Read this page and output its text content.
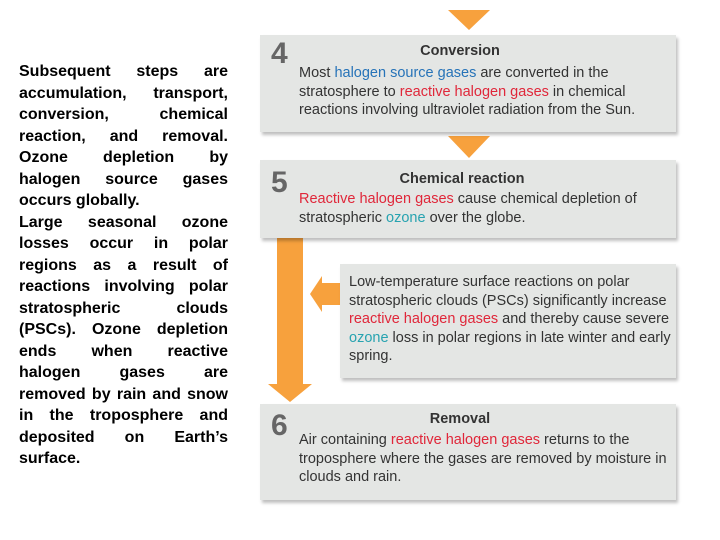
Subsequent steps are accumulation, transport, conversion, chemical reaction, and removal. Ozone depletion by halogen source gases occurs globally.

Large seasonal ozone losses occur in polar regions as a result of reactions involving polar stratospheric clouds (PSCs). Ozone depletion ends when reactive halogen gases are removed by rain and snow in the troposphere and deposited on Earth’s surface.

4	Conversion
Most halogen source gases are converted in the stratosphere to reactive halogen gases in chemical reactions involving ultraviolet radiation from the Sun.
5	Chemical reaction
Reactive halogen gases cause chemical depletion of stratospheric ozone over the globe.
Low-temperature surface reactions on polar stratospheric clouds (PSCs) significantly increase reactive halogen gases and thereby cause severe ozone loss in polar regions in late winter and early spring.
6	Removal
Air containing reactive halogen gases returns to the troposphere where the gases are removed by moisture in clouds and rain.
